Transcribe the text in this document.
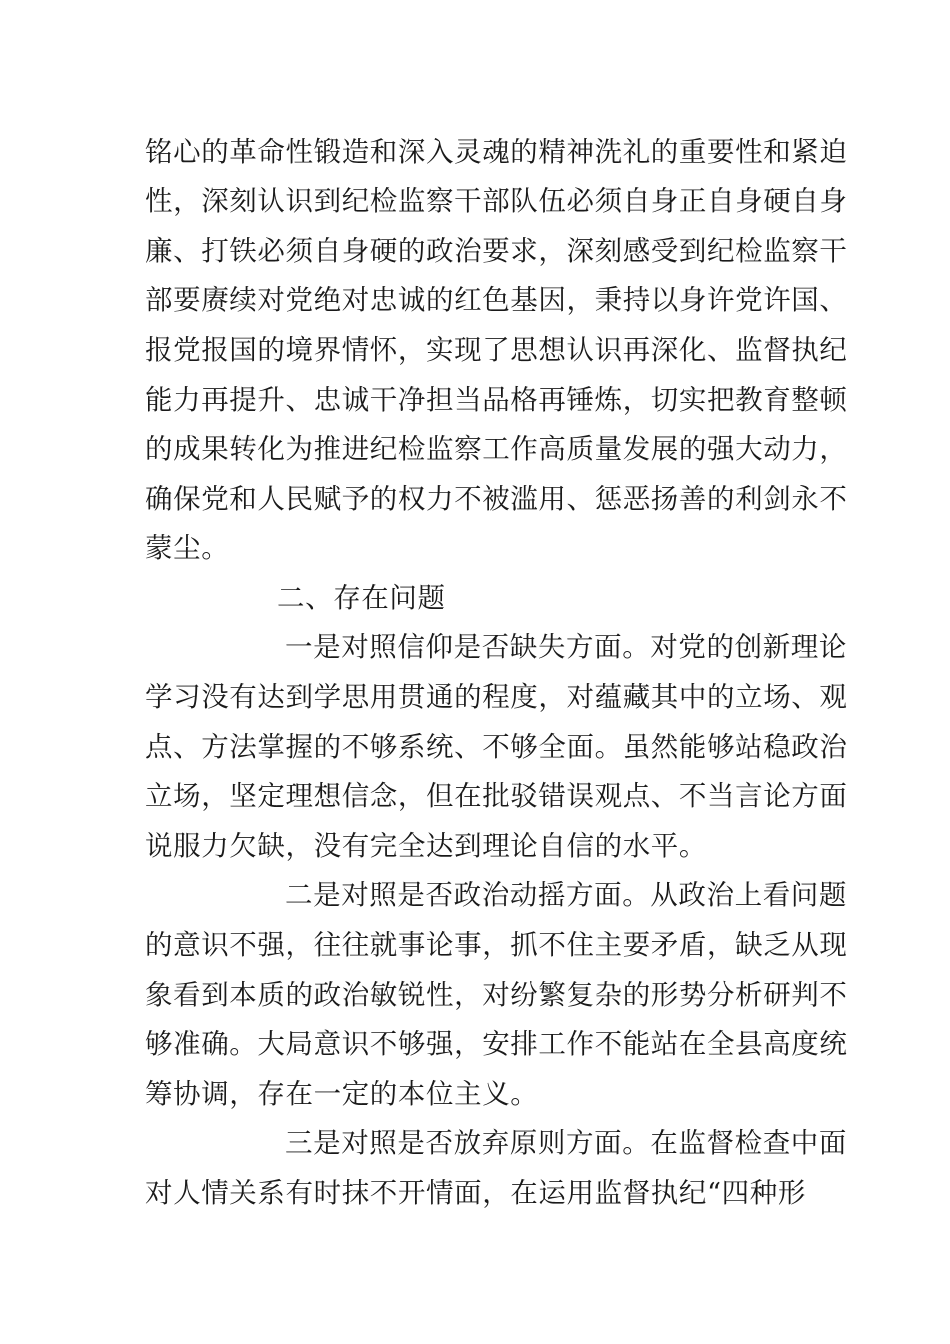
铭心的革命性锻造和深入灵魂的精神洗礼的重要性和紧迫
性，深刻认识到纪检监察干部队伍必须自身正自身硬自身
廉、打铁必须自身硬的政治要求，深刻感受到纪检监察干
部要赓续对党绝对忠诚的红色基因，秉持以身许党许国、
报党报国的境界情怀，实现了思想认识再深化、监督执纪
能力再提升、忠诚干净担当品格再锤炼，切实把教育整顿
的成果转化为推进纪检监察工作高质量发展的强大动力，
确保党和人民赋予的权力不被滥用、惩恶扬善的利剑永不
蒙尘。
二、存在问题
一是对照信仰是否缺失方面。对党的创新理论
学习没有达到学思用贯通的程度，对蕴藏其中的立场、观
点、方法掌握的不够系统、不够全面。虽然能够站稳政治
立场，坚定理想信念，但在批驳错误观点、不当言论方面
说服力欠缺，没有完全达到理论自信的水平。
二是对照是否政治动摇方面。从政治上看问题
的意识不强，往往就事论事，抓不住主要矛盾，缺乏从现
象看到本质的政治敏锐性，对纷繁复杂的形势分析研判不
够准确。大局意识不够强，安排工作不能站在全县高度统
筹协调，存在一定的本位主义。
三是对照是否放弃原则方面。在监督检查中面
对人情关系有时抹不开情面，在运用监督执纪“四种形
